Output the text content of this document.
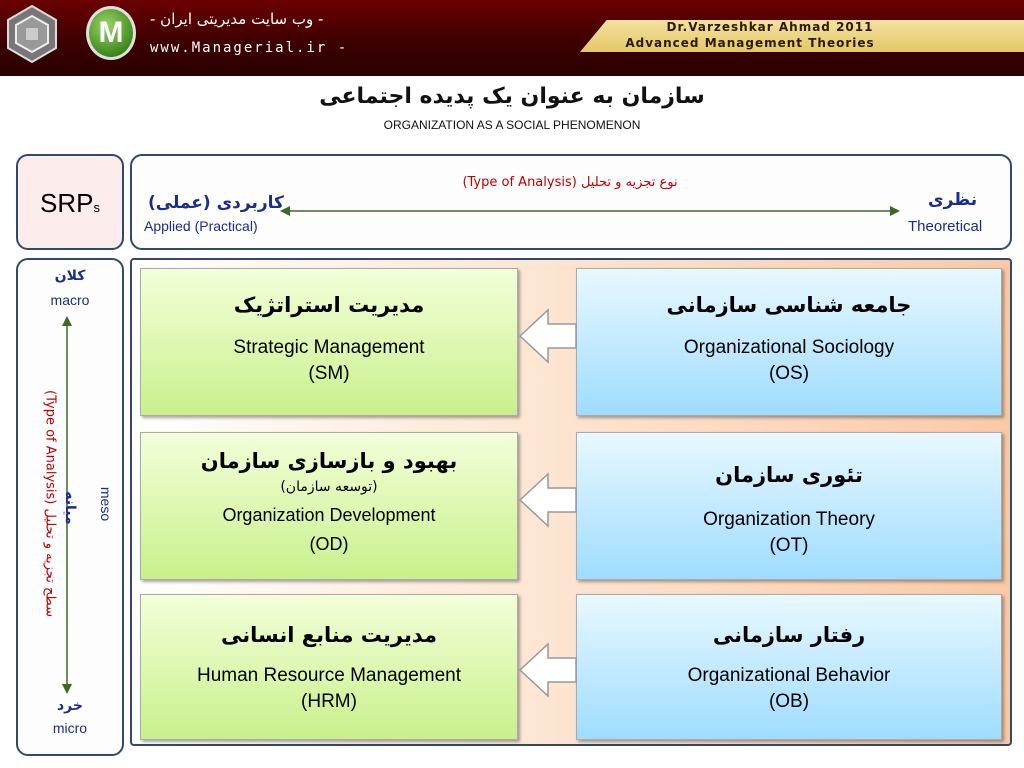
M	- وب سایت مدیریتی ایران -
www.Managerial.ir -
Dr.Varzeshkar Ahmad 2011
Advanced Management Theories
سازمان به عنوان یک پدیده اجتماعی
ORGANIZATION AS A SOCIAL PHENOMENON
SRPs
نوع تجزیه و تحلیل (Type of Analysis)
کاربردی (عملی)
Applied (Practical)
نظری
Theoretical
کلان
macro
سطح تجزیه و تحلیل (Type of Analysis) میانه meso
خرد
micro
مدیریت استراتژیک
Strategic Management
(SM)
جامعه شناسی سازمانی
Organizational Sociology
(OS)
بهبود و بازسازی سازمان
(توسعه سازمان)
Organization Development
(OD)
تئوری سازمان
Organization Theory
(OT)
مدیریت منابع انسانی
Human Resource Management
(HRM)
رفتار سازمانی
Organizational Behavior
(OB)
